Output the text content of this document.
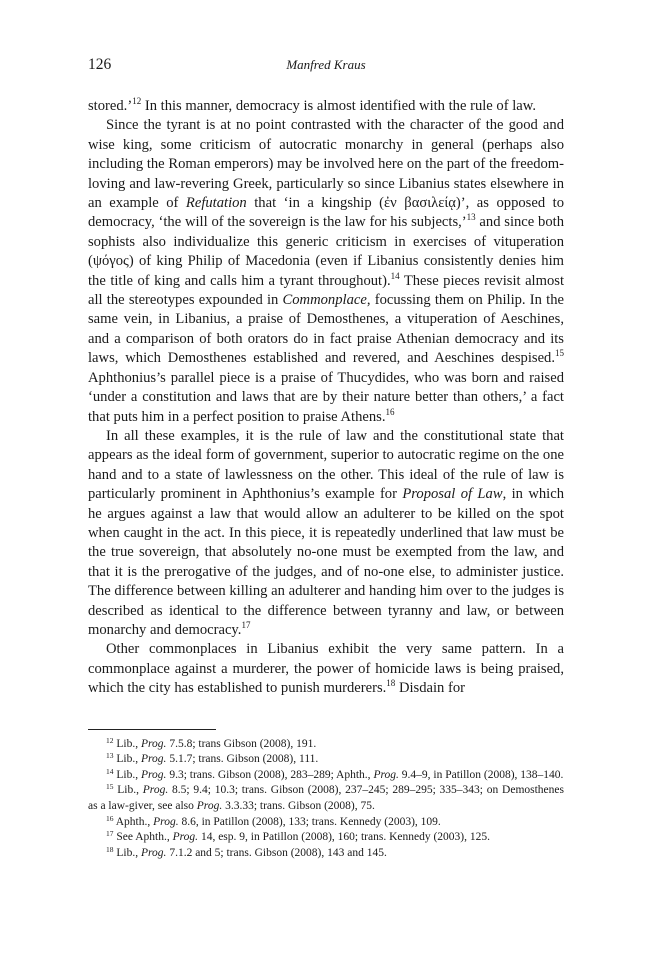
126	Manfred Kraus

stored.’$^{12}$ In this manner, democracy is almost identified with the rule of law.

Since the tyrant is at no point contrasted with the character of the good and wise king, some criticism of autocratic monarchy in general (perhaps also including the Roman emperors) may be involved here on the part of the freedom-loving and law-revering Greek, particularly so since Libanius states elsewhere in an example of Refutation that ‘in a kingship (ἐν βασιλείᾳ)’, as opposed to democracy, ‘the will of the sovereign is the law for his subjects,’$^{13}$ and since both sophists also individualize this generic criticism in exercises of vituperation (ψόγος) of king Philip of Macedonia (even if Libanius consistently denies him the title of king and calls him a tyrant throughout).$^{14}$ These pieces revisit almost all the stereotypes expounded in Commonplace, focussing them on Philip. In the same vein, in Libanius, a praise of Demosthenes, a vituperation of Aeschines, and a comparison of both orators do in fact praise Athenian democracy and its laws, which Demosthenes established and revered, and Aeschines despised.$^{15}$ Aphthonius’s parallel piece is a praise of Thucydides, who was born and raised ‘under a constitution and laws that are by their nature better than others,’ a fact that puts him in a perfect position to praise Athens.$^{16}$

In all these examples, it is the rule of law and the constitutional state that appears as the ideal form of government, superior to autocratic regime on the one hand and to a state of lawlessness on the other. This ideal of the rule of law is particularly prominent in Aphthonius’s example for Proposal of Law, in which he argues against a law that would allow an adulterer to be killed on the spot when caught in the act. In this piece, it is repeatedly underlined that law must be the true sovereign, that absolutely no-one must be exempted from the law, and that it is the prerogative of the judges, and of no-one else, to administer justice. The difference between killing an adulterer and handing him over to the judges is described as identical to the difference between tyranny and law, or between monarchy and democracy.$^{17}$

Other commonplaces in Libanius exhibit the very same pattern. In a commonplace against a murderer, the power of homicide laws is being praised, which the city has established to punish murderers.$^{18}$ Disdain for

$^{12}$ Lib., Prog. 7.5.8; trans Gibson (2008), 191.

$^{13}$ Lib., Prog. 5.1.7; trans. Gibson (2008), 111.

$^{14}$ Lib., Prog. 9.3; trans. Gibson (2008), 283–289; Aphth., Prog. 9.4–9, in Patillon (2008), 138–140.

$^{15}$ Lib., Prog. 8.5; 9.4; 10.3; trans. Gibson (2008), 237–245; 289–295; 335–343; on Demosthenes as a law-giver, see also Prog. 3.3.33; trans. Gibson (2008), 75.

$^{16}$ Aphth., Prog. 8.6, in Patillon (2008), 133; trans. Kennedy (2003), 109.

$^{17}$ See Aphth., Prog. 14, esp. 9, in Patillon (2008), 160; trans. Kennedy (2003), 125.

$^{18}$ Lib., Prog. 7.1.2 and 5; trans. Gibson (2008), 143 and 145.
